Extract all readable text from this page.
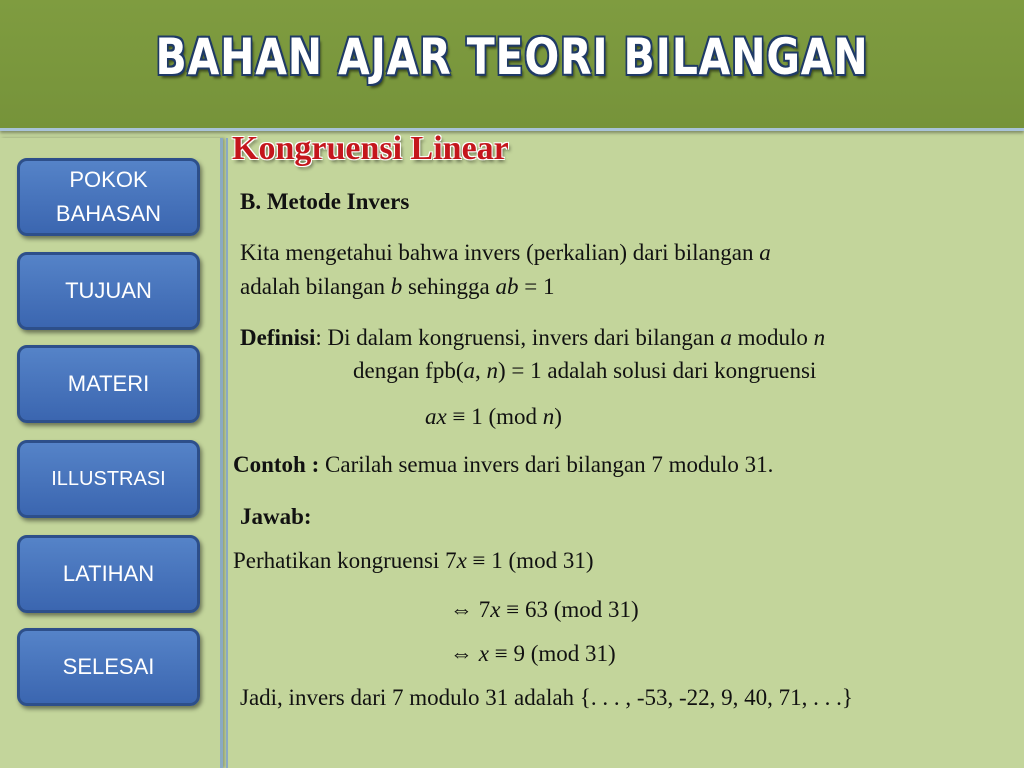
BAHAN AJAR TEORI BILANGAN
POKOK
BAHASAN
TUJUAN
MATERI
ILLUSTRASI
LATIHAN
SELESAI
Kongruensi Linear
B. Metode Invers
Kita mengetahui bahwa invers (perkalian) dari bilangan a
adalah bilangan b sehingga ab = 1
Definisi: Di dalam kongruensi, invers dari bilangan a modulo n
dengan fpb(a, n) = 1 adalah solusi dari kongruensi
ax ≡ 1 (mod n)
Contoh : Carilah semua invers dari bilangan 7 modulo 31.
Jawab:
Perhatikan kongruensi 7x ≡ 1 (mod 31)
⇔ 7x ≡ 63 (mod 31)
⇔ x ≡ 9 (mod 31)
Jadi, invers dari 7 modulo 31 adalah {. . . , -53, -22, 9, 40, 71, . . .}
